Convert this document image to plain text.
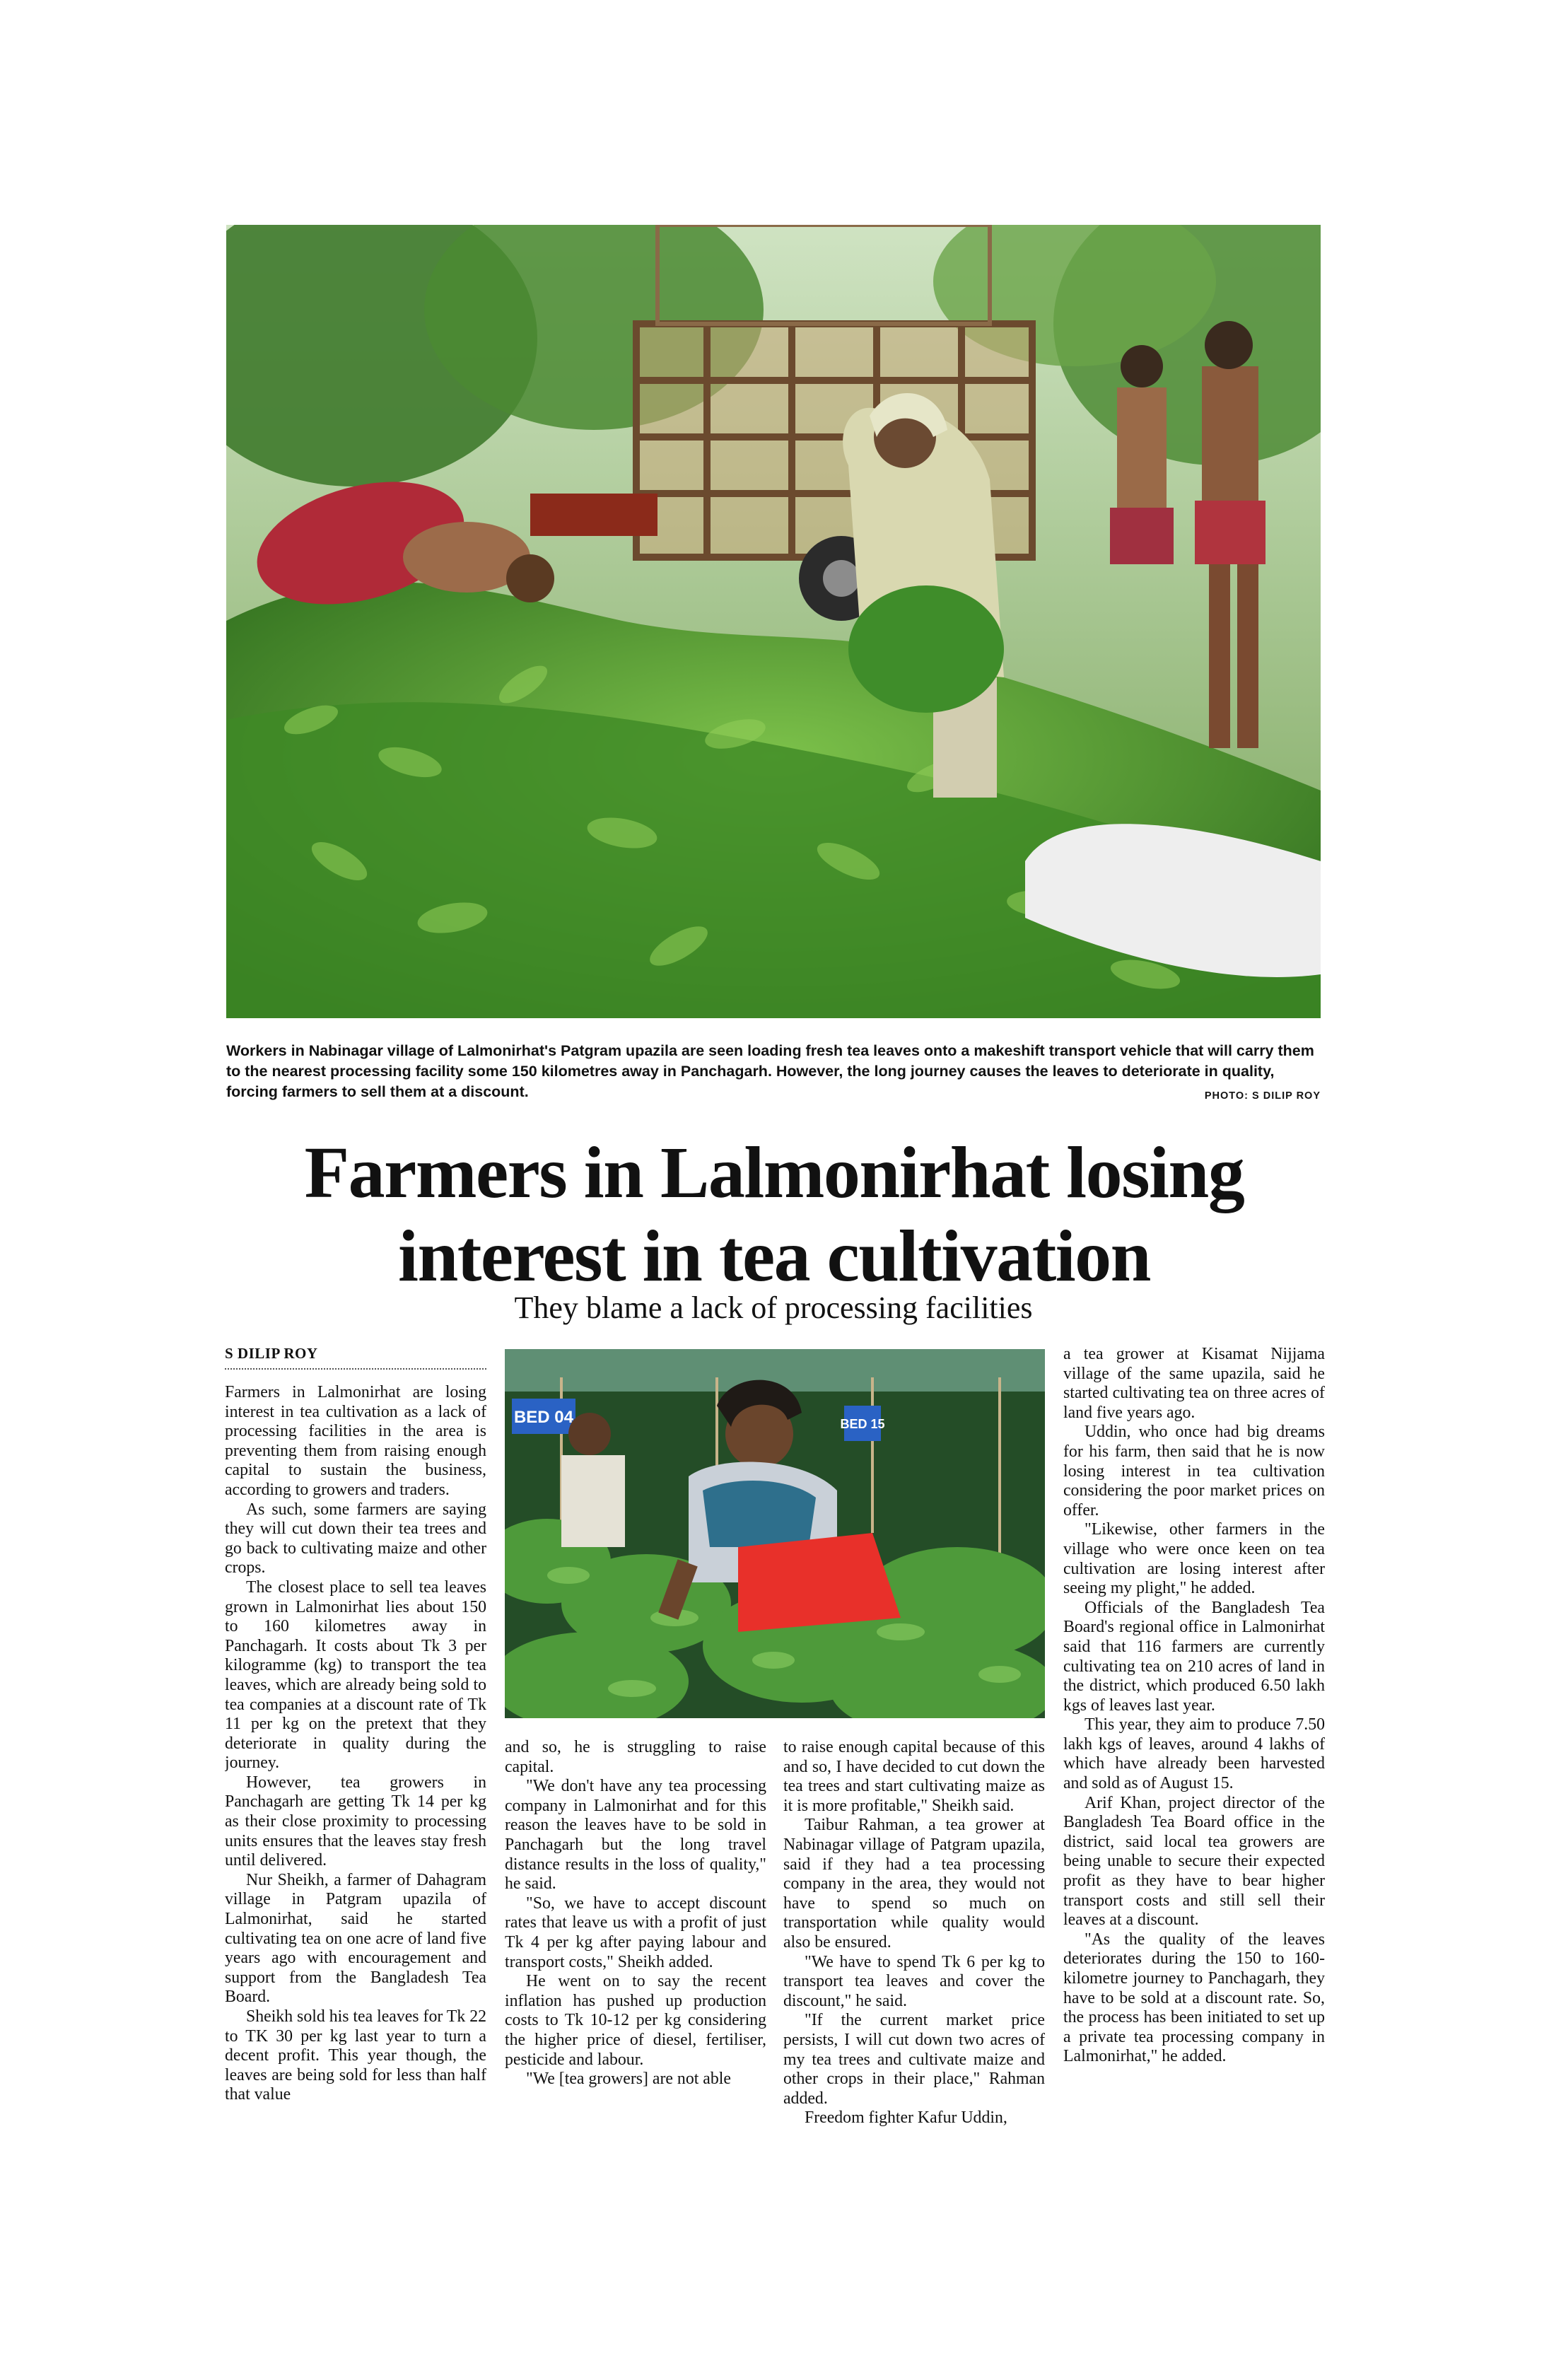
Workers in Nabinagar village of Lalmonirhat's Patgram upazila are seen loading fresh tea leaves onto a makeshift transport vehicle that will carry them to the nearest processing facility some 150 kilometres away in Panchagarh. However, the long journey causes the leaves to deteriorate in quality, forcing farmers to sell them at a discount.	PHOTO: S DILIP ROY
Farmers in Lalmonirhat losing
interest in tea cultivation
They blame a lack of processing facilities
S DILIP ROY

Farmers in Lalmonirhat are losing interest in tea cultivation as a lack of processing facilities in the area is preventing them from raising enough capital to sustain the business, according to growers and traders.

As such, some farmers are saying they will cut down their tea trees and go back to cultivating maize and other crops.

The closest place to sell tea leaves grown in Lalmonirhat lies about 150 to 160 kilometres away in Panchagarh. It costs about Tk 3 per kilogramme (kg) to transport the tea leaves, which are already being sold to tea companies at a discount rate of Tk 11 per kg on the pretext that they deteriorate in quality during the journey.

However, tea growers in Panchagarh are getting Tk 14 per kg as their close proximity to processing units ensures that the leaves stay fresh until delivered.

Nur Sheikh, a farmer of Dahagram village in Patgram upazila of Lalmonirhat, said he started cultivating tea on one acre of land five years ago with encouragement and support from the Bangladesh Tea Board.

Sheikh sold his tea leaves for Tk 22 to TK 30 per kg last year to turn a decent profit. This year though, the leaves are being sold for less than half that value

BED 04	BED 15

and so, he is struggling to raise capital.

"We don't have any tea processing company in Lalmonirhat and for this reason the leaves have to be sold in Panchagarh but the long travel distance results in the loss of quality," he said.

"So, we have to accept discount rates that leave us with a profit of just Tk 4 per kg after paying labour and transport costs," Sheikh added.

He went on to say the recent inflation has pushed up production costs to Tk 10-12 per kg considering the higher price of diesel, fertiliser, pesticide and labour.

"We [tea growers] are not able

to raise enough capital because of this and so, I have decided to cut down the tea trees and start cultivating maize as it is more profitable," Sheikh said.

Taibur Rahman, a tea grower at Nabinagar village of Patgram upazila, said if they had a tea processing company in the area, they would not have to spend so much on transportation while quality would also be ensured.

"We have to spend Tk 6 per kg to transport tea leaves and cover the discount," he said.

"If the current market price persists, I will cut down two acres of my tea trees and cultivate maize and other crops in their place," Rahman added.

Freedom fighter Kafur Uddin,

a tea grower at Kisamat Nijjama village of the same upazila, said he started cultivating tea on three acres of land five years ago.

Uddin, who once had big dreams for his farm, then said that he is now losing interest in tea cultivation considering the poor market prices on offer.

"Likewise, other farmers in the village who were once keen on tea cultivation are losing interest after seeing my plight," he added.

Officials of the Bangladesh Tea Board's regional office in Lalmonirhat said that 116 farmers are currently cultivating tea on 210 acres of land in the district, which produced 6.50 lakh kgs of leaves last year.

This year, they aim to produce 7.50 lakh kgs of leaves, around 4 lakhs of which have already been harvested and sold as of August 15.

Arif Khan, project director of the Bangladesh Tea Board office in the district, said local tea growers are being unable to secure their expected profit as they have to bear higher transport costs and still sell their leaves at a discount.

"As the quality of the leaves deteriorates during the 150 to 160-kilometre journey to Panchagarh, they have to be sold at a discount rate. So, the process has been initiated to set up a private tea processing company in Lalmonirhat," he added.
